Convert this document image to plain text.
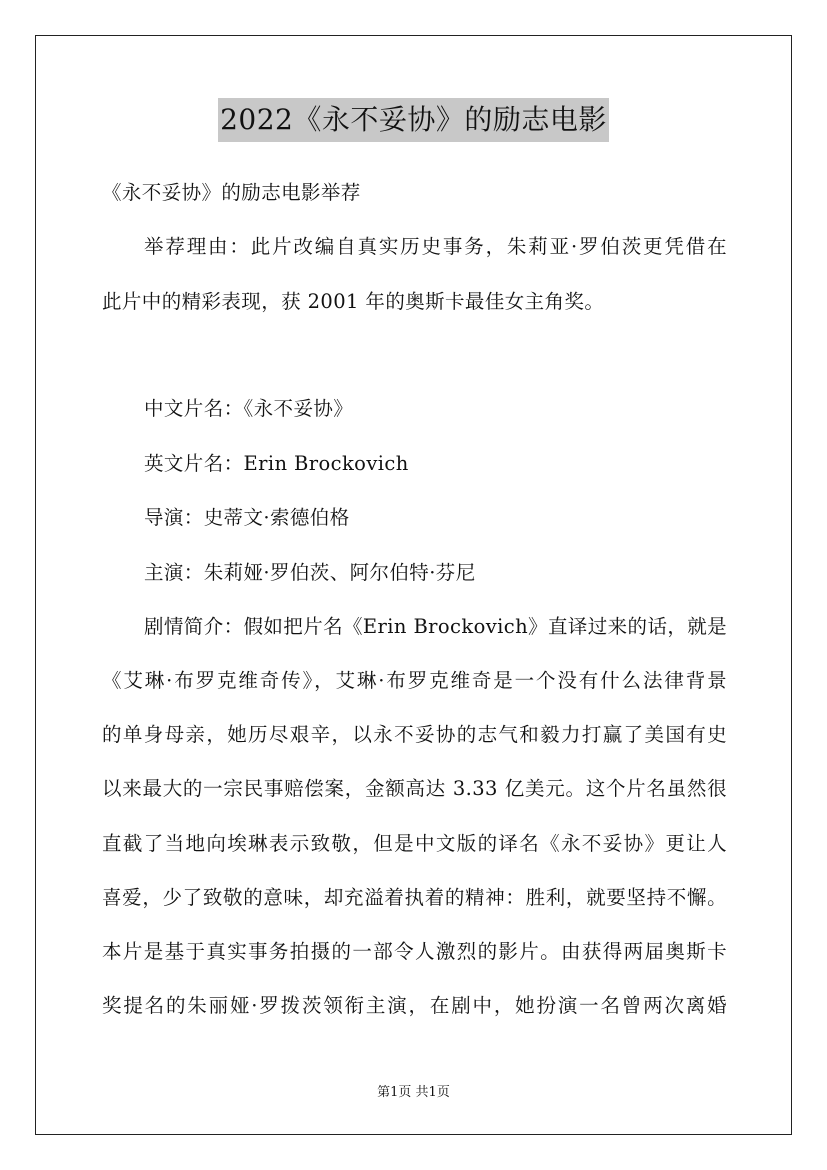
2022《永不妥协》的励志电影
《永不妥协》的励志电影举荐
举荐理由：此片改编自真实历史事务，朱莉亚·罗伯茨更凭借在
此片中的精彩表现，获 2001 年的奥斯卡最佳女主角奖。
中文片名：《永不妥协》
英文片名：Erin Brockovich
导演：史蒂文·索德伯格
主演：朱莉娅·罗伯茨、阿尔伯特·芬尼
剧情简介：假如把片名《Erin Brockovich》直译过来的话，就是
《艾琳·布罗克维奇传》，艾琳·布罗克维奇是一个没有什么法律背景
的单身母亲，她历尽艰辛，以永不妥协的志气和毅力打赢了美国有史
以来最大的一宗民事赔偿案，金额高达 3.33 亿美元。这个片名虽然很
直截了当地向埃琳表示致敬，但是中文版的译名《永不妥协》更让人
喜爱，少了致敬的意味，却充溢着执着的精神：胜利，就要坚持不懈。
本片是基于真实事务拍摄的一部令人激烈的影片。由获得两届奥斯卡
奖提名的朱丽娅·罗拨茨领衔主演，在剧中，她扮演一名曾两次离婚
第1页 共1页
